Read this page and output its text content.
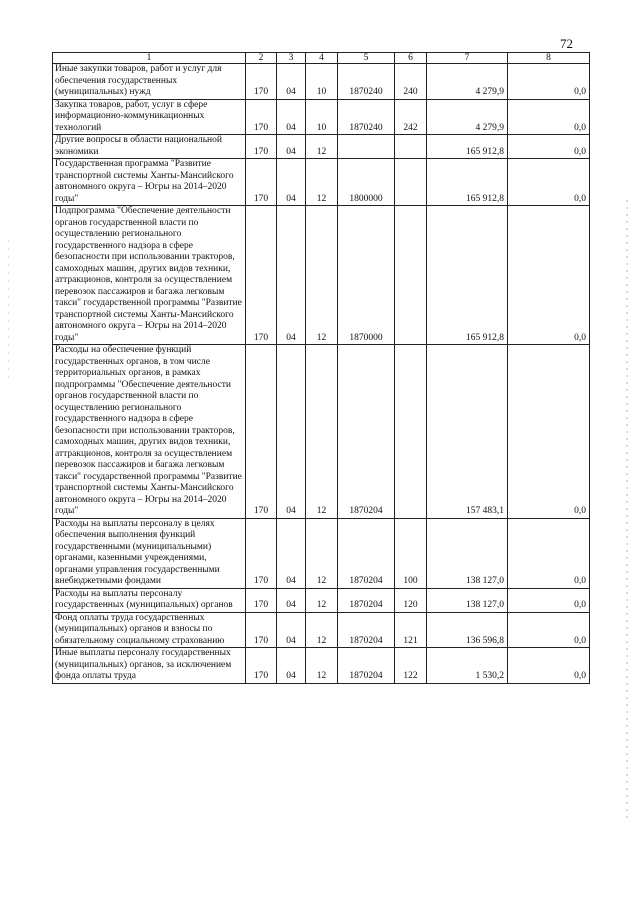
72
1	2	3	4	5	6	7	8
Иные закупки товаров, работ и услуг для обеспечения государственных (муниципальных) нужд	170	04	10	1870240	240	4 279,9	0,0
Закупка товаров, работ, услуг в сфере информационно-коммуникационных технологий	170	04	10	1870240	242	4 279,9	0,0
Другие вопросы в области национальной экономики	170	04	12			165 912,8	0,0
Государственная программа "Развитие транспортной системы Ханты-Мансийского автономного округа – Югры на 2014–2020 годы"	170	04	12	1800000		165 912,8	0,0
Подпрограмма "Обеспечение деятельности органов государственной власти по осуществлению регионального государственного надзора в сфере безопасности при использовании тракторов, самоходных машин, других видов техники, аттракционов, контроля за осуществлением перевозок пассажиров и багажа легковым такси" государственной программы "Развитие транспортной системы Ханты-Мансийского автономного округа – Югры на 2014–2020 годы"	170	04	12	1870000		165 912,8	0,0
Расходы на обеспечение функций государственных органов, в том числе территориальных органов, в рамках подпрограммы "Обеспечение деятельности органов государственной власти по осуществлению регионального государственного надзора в сфере безопасности при использовании тракторов, самоходных машин, других видов техники, аттракционов, контроля за осуществлением перевозок пассажиров и багажа легковым такси" государственной программы "Развитие транспортной системы Ханты-Мансийского автономного округа – Югры на 2014–2020 годы"	170	04	12	1870204		157 483,1	0,0
Расходы на выплаты персоналу в целях обеспечения выполнения функций государственными (муниципальными) органами, казенными учреждениями, органами управления государственными внебюджетными фондами	170	04	12	1870204	100	138 127,0	0,0
Расходы на выплаты персоналу государственных (муниципальных) органов	170	04	12	1870204	120	138 127,0	0,0
Фонд оплаты труда государственных (муниципальных) органов и взносы по обязательному социальному страхованию	170	04	12	1870204	121	136 596,8	0,0
Иные выплаты персоналу государственных (муниципальных) органов, за исключением фонда оплаты труда	170	04	12	1870204	122	1 530,2	0,0
